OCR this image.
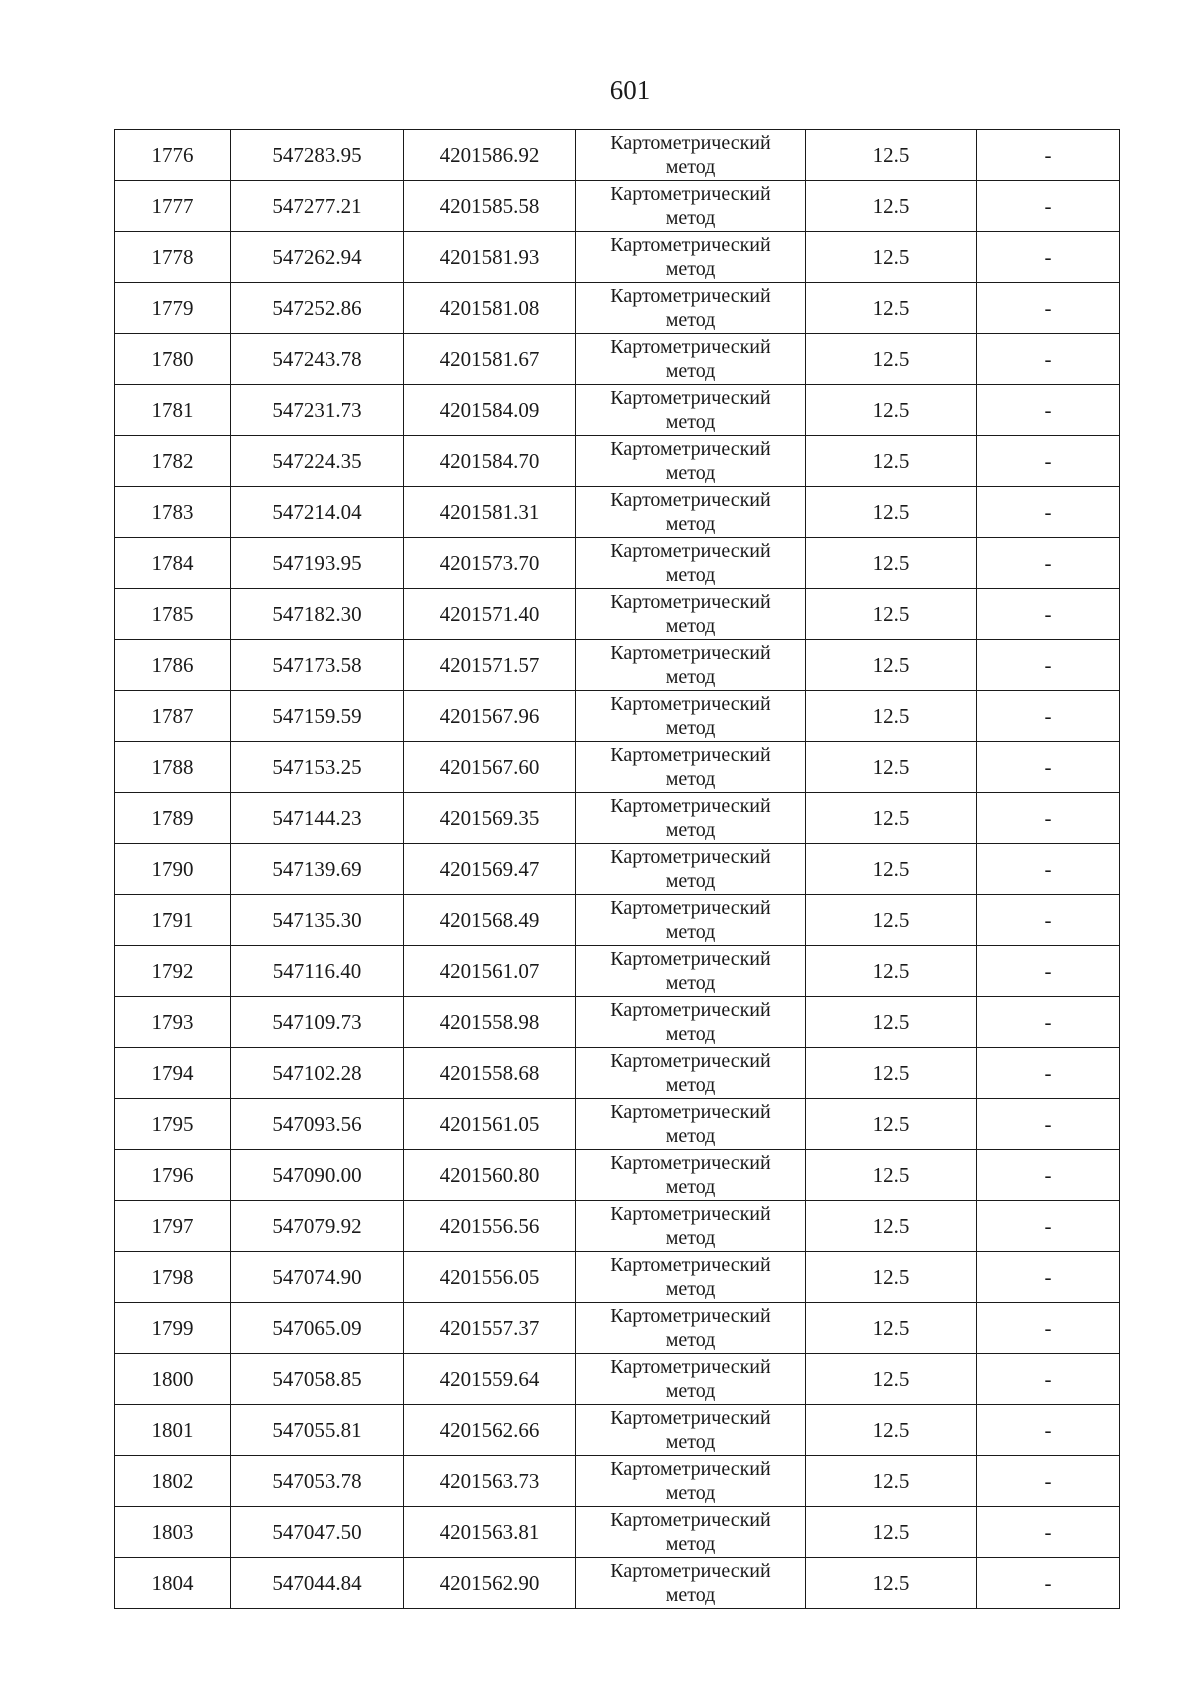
601
1776	547283.95	4201586.92	Картометрический
метод	12.5	-
1777	547277.21	4201585.58	Картометрический
метод	12.5	-
1778	547262.94	4201581.93	Картометрический
метод	12.5	-
1779	547252.86	4201581.08	Картометрический
метод	12.5	-
1780	547243.78	4201581.67	Картометрический
метод	12.5	-
1781	547231.73	4201584.09	Картометрический
метод	12.5	-
1782	547224.35	4201584.70	Картометрический
метод	12.5	-
1783	547214.04	4201581.31	Картометрический
метод	12.5	-
1784	547193.95	4201573.70	Картометрический
метод	12.5	-
1785	547182.30	4201571.40	Картометрический
метод	12.5	-
1786	547173.58	4201571.57	Картометрический
метод	12.5	-
1787	547159.59	4201567.96	Картометрический
метод	12.5	-
1788	547153.25	4201567.60	Картометрический
метод	12.5	-
1789	547144.23	4201569.35	Картометрический
метод	12.5	-
1790	547139.69	4201569.47	Картометрический
метод	12.5	-
1791	547135.30	4201568.49	Картометрический
метод	12.5	-
1792	547116.40	4201561.07	Картометрический
метод	12.5	-
1793	547109.73	4201558.98	Картометрический
метод	12.5	-
1794	547102.28	4201558.68	Картометрический
метод	12.5	-
1795	547093.56	4201561.05	Картометрический
метод	12.5	-
1796	547090.00	4201560.80	Картометрический
метод	12.5	-
1797	547079.92	4201556.56	Картометрический
метод	12.5	-
1798	547074.90	4201556.05	Картометрический
метод	12.5	-
1799	547065.09	4201557.37	Картометрический
метод	12.5	-
1800	547058.85	4201559.64	Картометрический
метод	12.5	-
1801	547055.81	4201562.66	Картометрический
метод	12.5	-
1802	547053.78	4201563.73	Картометрический
метод	12.5	-
1803	547047.50	4201563.81	Картометрический
метод	12.5	-
1804	547044.84	4201562.90	Картометрический
метод	12.5	-
